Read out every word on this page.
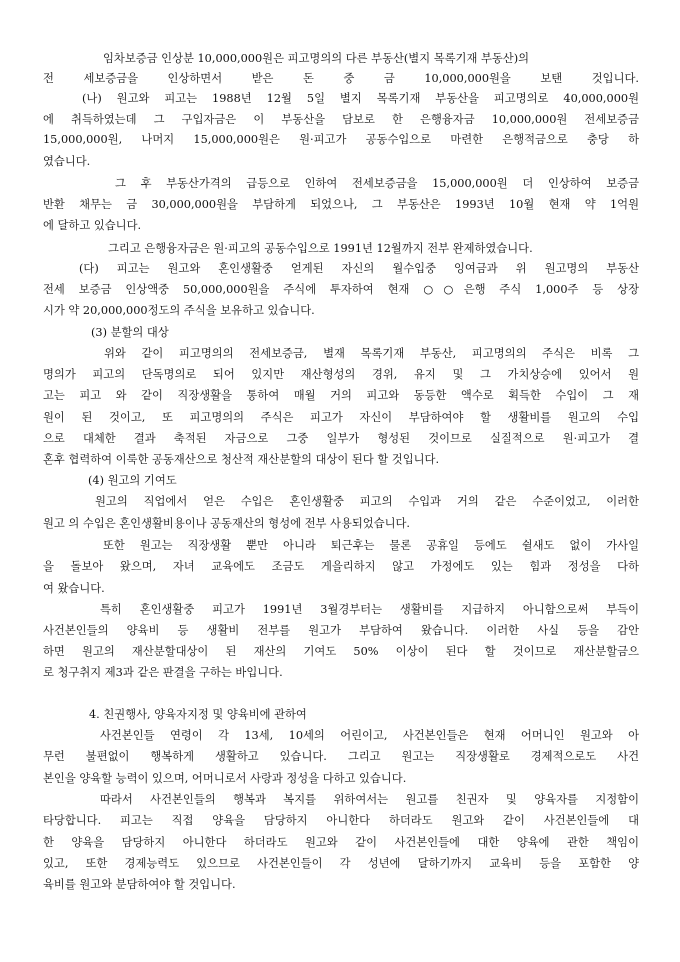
임차보증금 인상분 10,000,000원은 피고명의의 다른 부동산(별지 목록기재 부동산)의
전 세보증금을 인상하면서 받은 돈 중 금 10,000,000원을 보탠 것입니다.
(나) 원고와 피고는 1988년 12월 5일 별지 목록기재 부동산을 피고명의로 40,000,000원
에 취득하였는데 그 구입자금은 이 부동산을 담보로 한 은행융자금 10,000,000원 전세보증금
15,000,000원, 나머지 15,000,000원은 원·피고가 공동수입으로 마련한 은행적금으로 충당 하
였습니다.
그 후 부동산가격의 급등으로 인하여 전세보증금을 15,000,000원 더 인상하여 보증금
반환 채무는 금 30,000,000원을 부담하게 되었으나, 그 부동산은 1993년 10월 현재 약 1억원
에 달하고 있습니다.
그리고 은행융자금은 원·피고의 공동수입으로 1991년 12월까지 전부 완제하였습니다.
(다) 피고는 원고와 혼인생활중 얻게된 자신의 월수입중 잉여금과 위 원고명의 부동산
전세 보증금 인상액중 50,000,000원을 주식에 투자하여 현재 ○○은행 주식 1,000주 등 상장
시가 약 20,000,000정도의 주식을 보유하고 있습니다.
(3) 분할의 대상
위와 같이 피고명의의 전세보증금, 별재 목록기재 부동산, 피고명의의 주식은 비록 그
명의가 피고의 단독명의로 되어 있지만 재산형성의 경위, 유지 및 그 가치상승에 있어서 원
고는 피고 와 같이 직장생활을 통하여 매월 거의 피고와 동등한 액수로 획득한 수입이 그 재
원이 된 것이고, 또 피고명의의 주식은 피고가 자신이 부담하여야 할 생활비를 원고의 수입
으로 대체한 결과 축적된 자금으로 그중 일부가 형성된 것이므로 실질적으로 원·피고가 결
혼후 협력하여 이룩한 공동재산으로 청산적 재산분할의 대상이 된다 할 것입니다.
(4) 원고의 기여도
원고의 직업에서 얻은 수입은 혼인생활중 피고의 수입과 거의 같은 수준이었고, 이러한
원고 의 수입은 혼인생활비용이나 공동재산의 형성에 전부 사용되었습니다.
또한 원고는 직장생활 뿐만 아니라 퇴근후는 물론 공휴일 등에도 쉴새도 없이 가사일
을 돌보아 왔으며, 자녀 교육에도 조금도 게을리하지 않고 가정에도 있는 힘과 정성을 다하
여 왔습니다.
특히 혼인생활중 피고가 1991년 3월경부터는 생활비를 지급하지 아니함으로써 부득이
사건본인들의 양육비 등 생활비 전부를 원고가 부담하여 왔습니다. 이러한 사실 등을 감안
하면 원고의 재산분할대상이 된 재산의 기여도 50% 이상이 된다 할 것이므로 재산분할금으
로 청구취지 제3과 같은 판결을 구하는 바입니다.
4. 친권행사, 양육자지정 및 양육비에 관하여
사건본인들 연령이 각 13세, 10세의 어린이고, 사건본인들은 현재 어머니인 원고와 아
무런 불편없이 행복하게 생활하고 있습니다. 그리고 원고는 직장생활로 경제적으로도 사건
본인을 양육할 능력이 있으며, 어머니로서 사랑과 정성을 다하고 있습니다.
따라서 사건본인들의 행복과 복지를 위하여서는 원고를 친권자 및 양육자를 지정함이
타당합니다. 피고는 직접 양육을 담당하지 아니한다 하더라도 원고와 같이 사건본인들에 대
한 양육을 담당하지 아니한다 하더라도 원고와 같이 사건본인들에 대한 양육에 관한 책임이
있고, 또한 경제능력도 있으므로 사건본인들이 각 성년에 달하기까지 교육비 등을 포함한 양
육비를 원고와 분담하여야 할 것입니다.
